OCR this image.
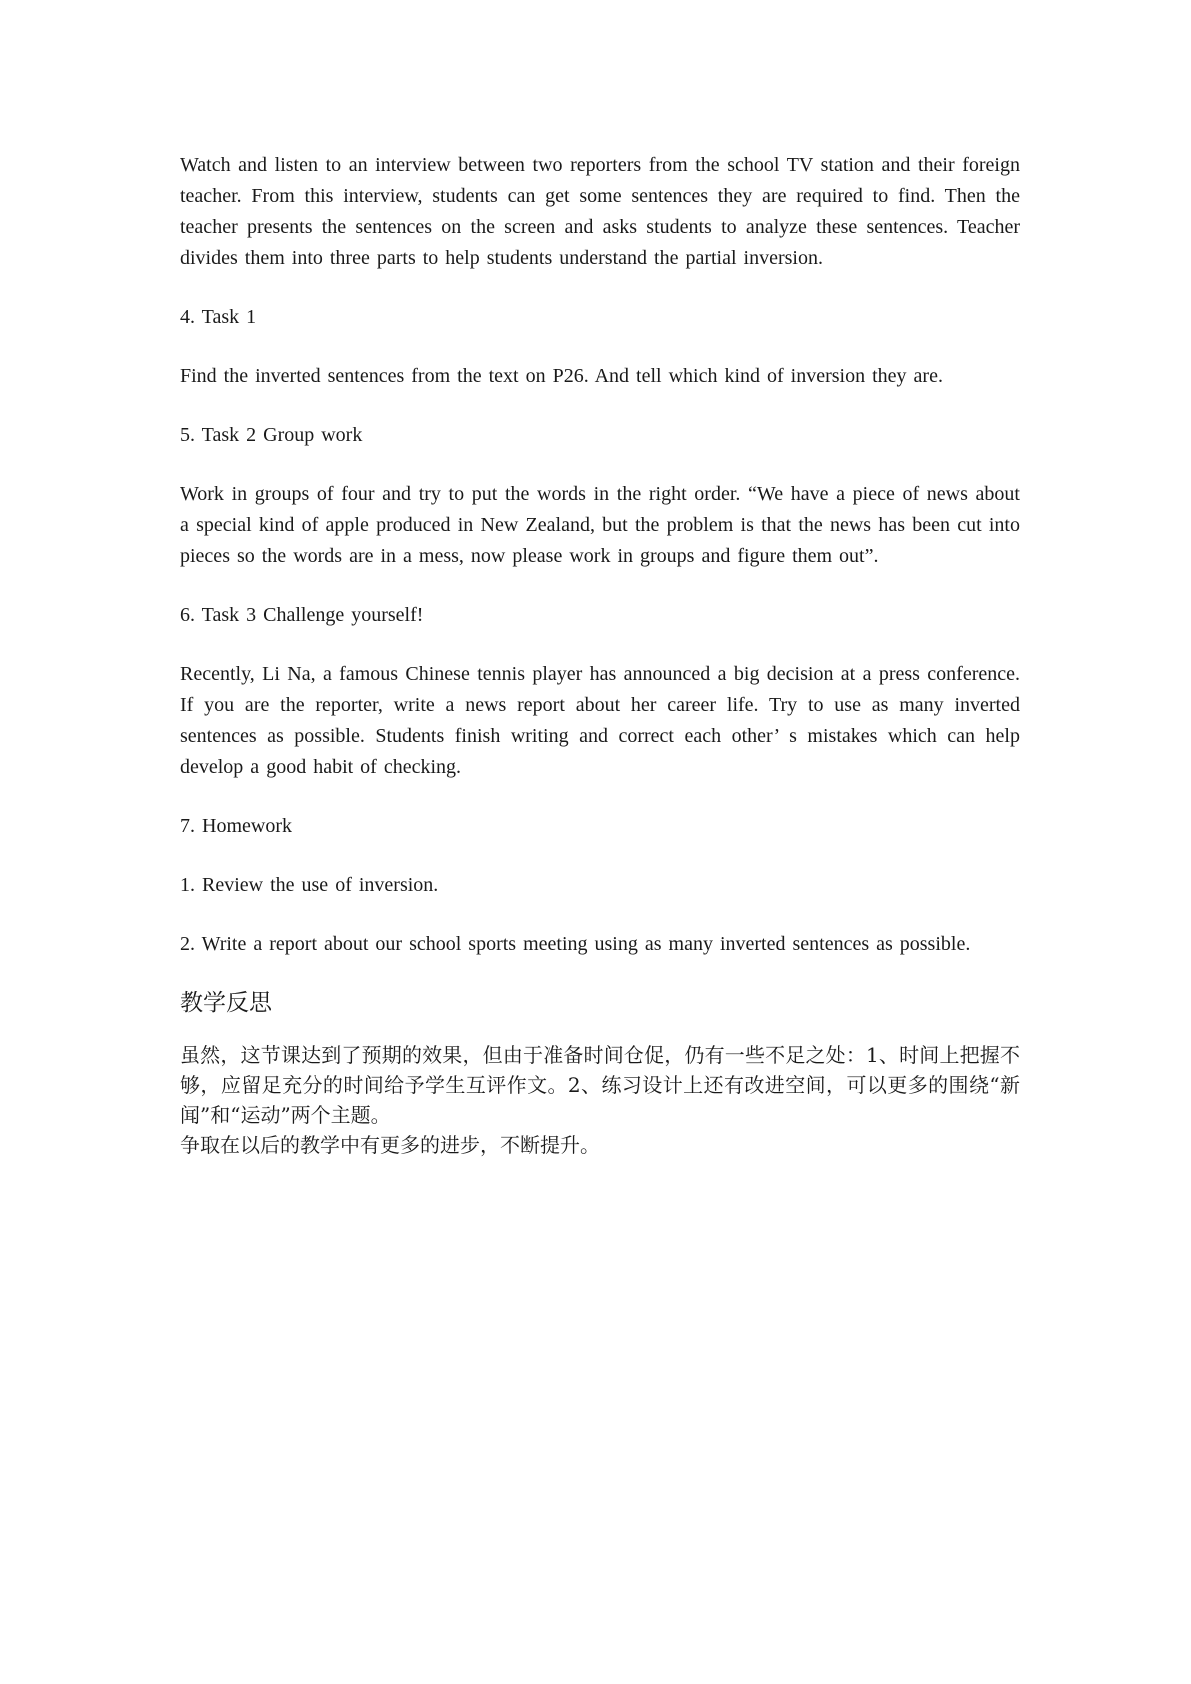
Watch and listen to an interview between two reporters from the school TV station and their foreign teacher. From this interview, students can get some sentences they are required to find. Then the teacher presents the sentences on the screen and asks students to analyze these sentences. Teacher divides them into three parts to help students understand the partial inversion.

4. Task 1

Find the inverted sentences from the text on P26. And tell which kind of inversion they are.

5. Task 2 Group work

Work in groups of four and try to put the words in the right order. “We have a piece of news about a special kind of apple produced in New Zealand, but the problem is that the news has been cut into pieces so the words are in a mess, now please work in groups and figure them out”.

6. Task 3 Challenge yourself!

Recently, Li Na, a famous Chinese tennis player has announced a big decision at a press conference. If you are the reporter, write a news report about her career life. Try to use as many inverted sentences as possible. Students finish writing and correct each other’ s mistakes which can help develop a good habit of checking.

7. Homework

1. Review the use of inversion.

2. Write a report about our school sports meeting using as many inverted sentences as possible.

教学反思

虽然，这节课达到了预期的效果，但由于准备时间仓促，仍有一些不足之处：1、时间上把握不够，应留足充分的时间给予学生互评作文。2、练习设计上还有改进空间，可以更多的围绕“新闻”和“运动”两个主题。

争取在以后的教学中有更多的进步，不断提升。
